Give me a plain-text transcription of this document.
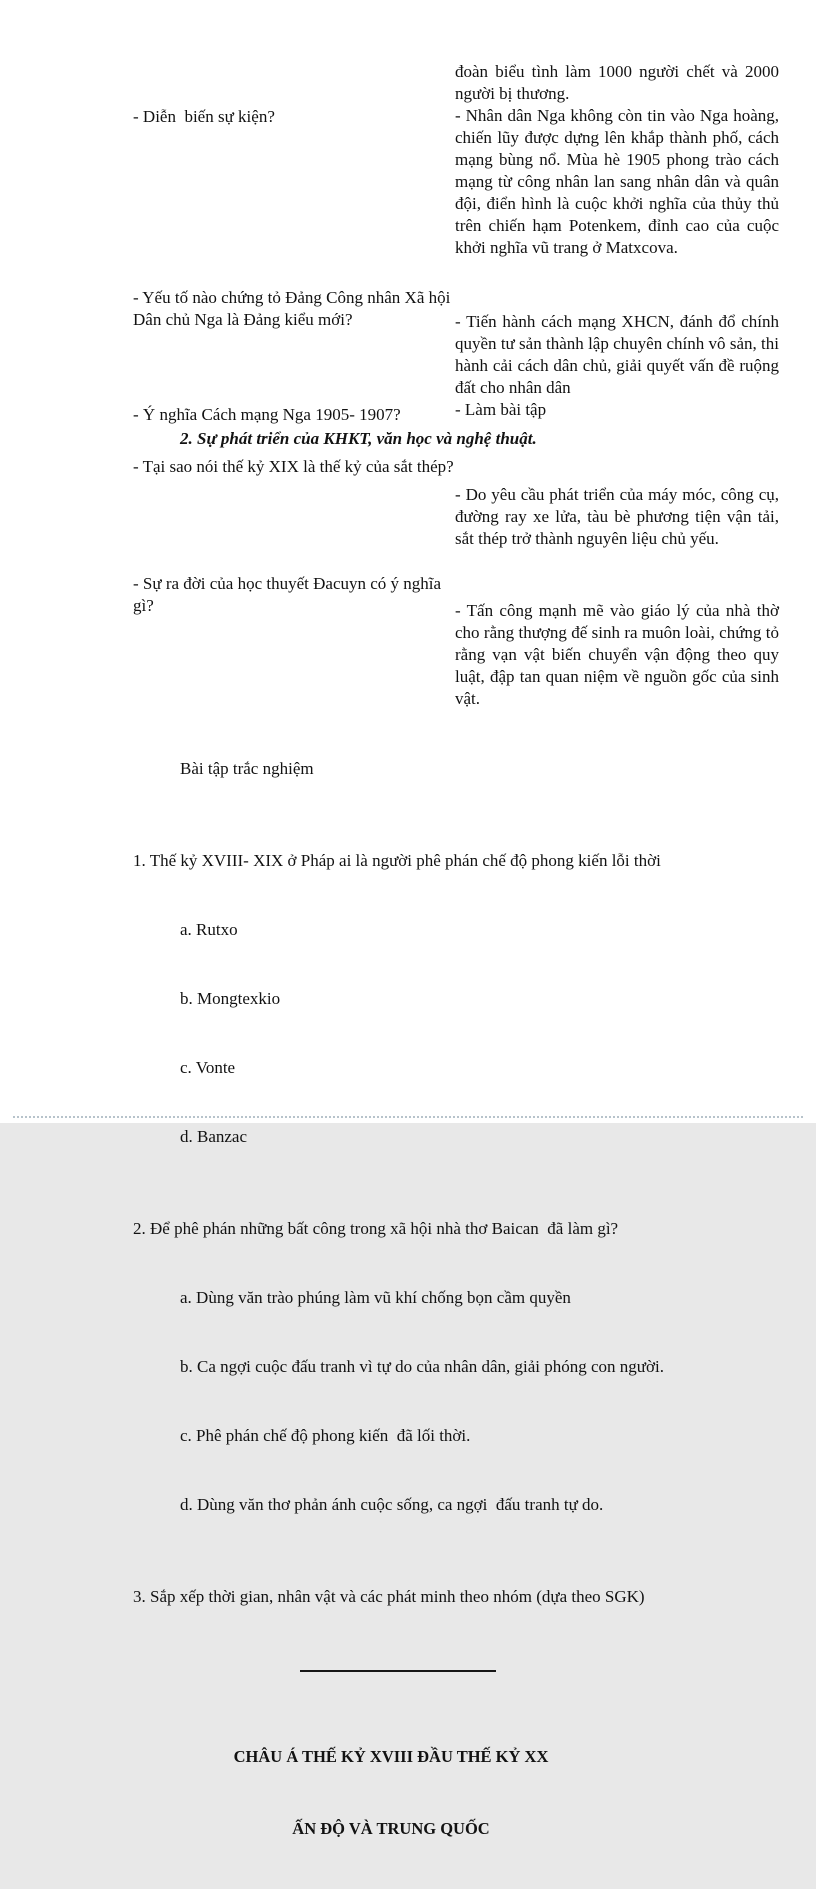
đoàn biểu tình làm 1000 người chết và 2000 người bị thương.

- Nhân dân Nga không còn tin vào Nga hoàng, chiến lũy được dựng lên khắp thành phố, cách mạng bùng nổ. Mùa hè 1905 phong trào cách mạng từ công nhân lan sang nhân dân và quân đội, điển hình là cuộc khởi nghĩa của thủy thủ trên chiến hạm Potenkem, đỉnh cao của cuộc khởi nghĩa vũ trang ở Matxcova.

- Tiến hành cách mạng XHCN, đánh đổ chính quyền tư sản thành lập chuyên chính vô sản, thi hành cải cách dân chủ, giải quyết vấn đề ruộng đất cho nhân dân

- Làm bài tập

- Diễn  biến sự kiện?
- Yếu tố nào chứng tỏ Đảng Công nhân Xã hội Dân chủ Nga là Đảng kiểu mới?
- Ý nghĩa Cách mạng Nga 1905- 1907?
2. Sự phát triển của KHKT, văn học và nghệ thuật.
- Tại sao nói thế kỷ XIX là thế kỷ của sắt thép?
- Sự ra đời của học thuyết Đacuyn có ý nghĩa gì?

- Do yêu cầu phát triển của máy móc, công cụ, đường ray xe lửa, tàu bè phương tiện vận tải, sắt thép trở thành nguyên liệu chủ yếu.

- Tấn công mạnh mẽ vào giáo lý của nhà thờ cho rằng thượng đế sinh ra muôn loài, chứng tỏ rằng vạn vật biến chuyển vận động theo quy luật, đập tan quan niệm về nguồn gốc của sinh vật.

Bài tập trắc nghiệm

1. Thế kỷ XVIII- XIX ở Pháp ai là người phê phán chế độ phong kiến lỗi thời

a. Rutxo

b. Mongtexkio

c. Vonte

d. Banzac

2. Để phê phán những bất công trong xã hội nhà thơ Baican  đã làm gì?

a. Dùng văn trào phúng làm vũ khí chống bọn cầm quyền

b. Ca ngợi cuộc đấu tranh vì tự do của nhân dân, giải phóng con người.

c. Phê phán chế độ phong kiến  đã lối thời.

d. Dùng văn thơ phản ánh cuộc sống, ca ngợi  đấu tranh tự do.

3. Sắp xếp thời gian, nhân vật và các phát minh theo nhóm (dựa theo SGK)

CHÂU Á THẾ KỶ XVIII ĐẦU THẾ KỶ XX

ẤN ĐỘ VÀ TRUNG QUỐC
